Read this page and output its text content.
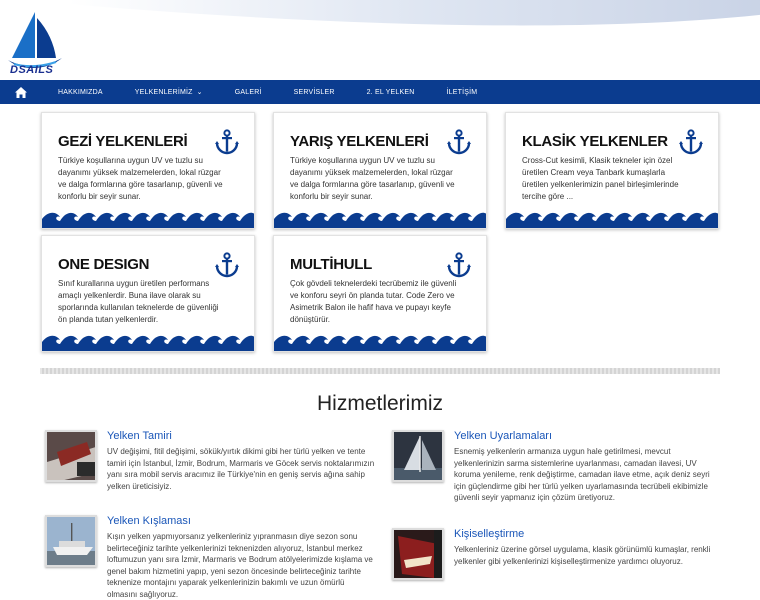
DSAILS
HAKKIMIZDA	YELKENLERİMİZ ⌄	GALERİ	SERVİSLER	2. EL YELKEN	İLETİŞİM
GEZİ YELKENLERİ
Türkiye koşullarına uygun UV ve tuzlu su dayanımı yüksek malzemelerden, lokal rüzgar ve dalga formlarına göre tasarlanıp, güvenli ve konforlu bir seyir sunar.
YARIŞ YELKENLERİ
Türkiye koşullarına uygun UV ve tuzlu su dayanımı yüksek malzemelerden, lokal rüzgar ve dalga formlarına göre tasarlanıp, güvenli ve konforlu bir seyir sunar.
KLASİK YELKENLER
Cross-Cut kesimli, Klasik tekneler için özel üretilen Cream veya Tanbark kumaşlarla üretilen yelkenlerimizin panel birleşimlerinde tercihe göre ...
ONE DESIGN
Sınıf kurallarına uygun üretilen performans amaçlı yelkenlerdir. Buna ilave olarak su sporlarında kullanılan teknelerde de güvenliği ön planda tutan yelkenlerdir.
MULTİHULL
Çok gövdeli teknelerdeki tecrübemiz ile güvenli ve konforu seyri ön planda tutar. Code Zero ve Asimetrik Balon ile hafif hava ve pupayı keyfe dönüştürür.
Hizmetlerimiz
Yelken Tamiri
UV değişimi, fitil değişimi, sökük/yırtık dikimi gibi her türlü yelken ve tente tamiri için İstanbul, İzmir, Bodrum, Marmaris ve Göcek servis noktalarımızın yanı sıra mobil servis aracımız ile Türkiye'nin en geniş servis ağına sahip yelken üreticisiyiz.
Yelken Uyarlamaları
Esnemiş yelkenlerin armanıza uygun hale getirilmesi, mevcut yelkenlerinizin sarma sistemlerine uyarlanması, camadan ilavesi, UV koruma yenileme, renk değiştirme, camadan ilave etme, açık deniz seyri için güçlendirme gibi her türlü yelken uyarlamasında tecrübeli ekibimizle güvenli seyir yapmanız için çözüm üretiyoruz.
Yelken Kışlaması
Kışın yelken yapmıyorsanız yelkenleriniz yıpranmasın diye sezon sonu belirteceğiniz tarihte yelkenlerinizi teknenizden alıyoruz, İstanbul merkez loftumuzun yanı sıra İzmir, Marmaris ve Bodrum atölyelerimizde kışlama ve genel bakım hizmetini yapıp, yeni sezon öncesinde belirteceğiniz tarihte teknenize montajını yaparak yelkenlerinizin bakımlı ve uzun ömürlü olmasını sağlıyoruz.
Kişiselleştirme
Yelkenleriniz üzerine görsel uygulama, klasik görünümlü kumaşlar, renkli yelkenler gibi yelkenlerinizi kişiselleştirmenize yardımcı oluyoruz.
